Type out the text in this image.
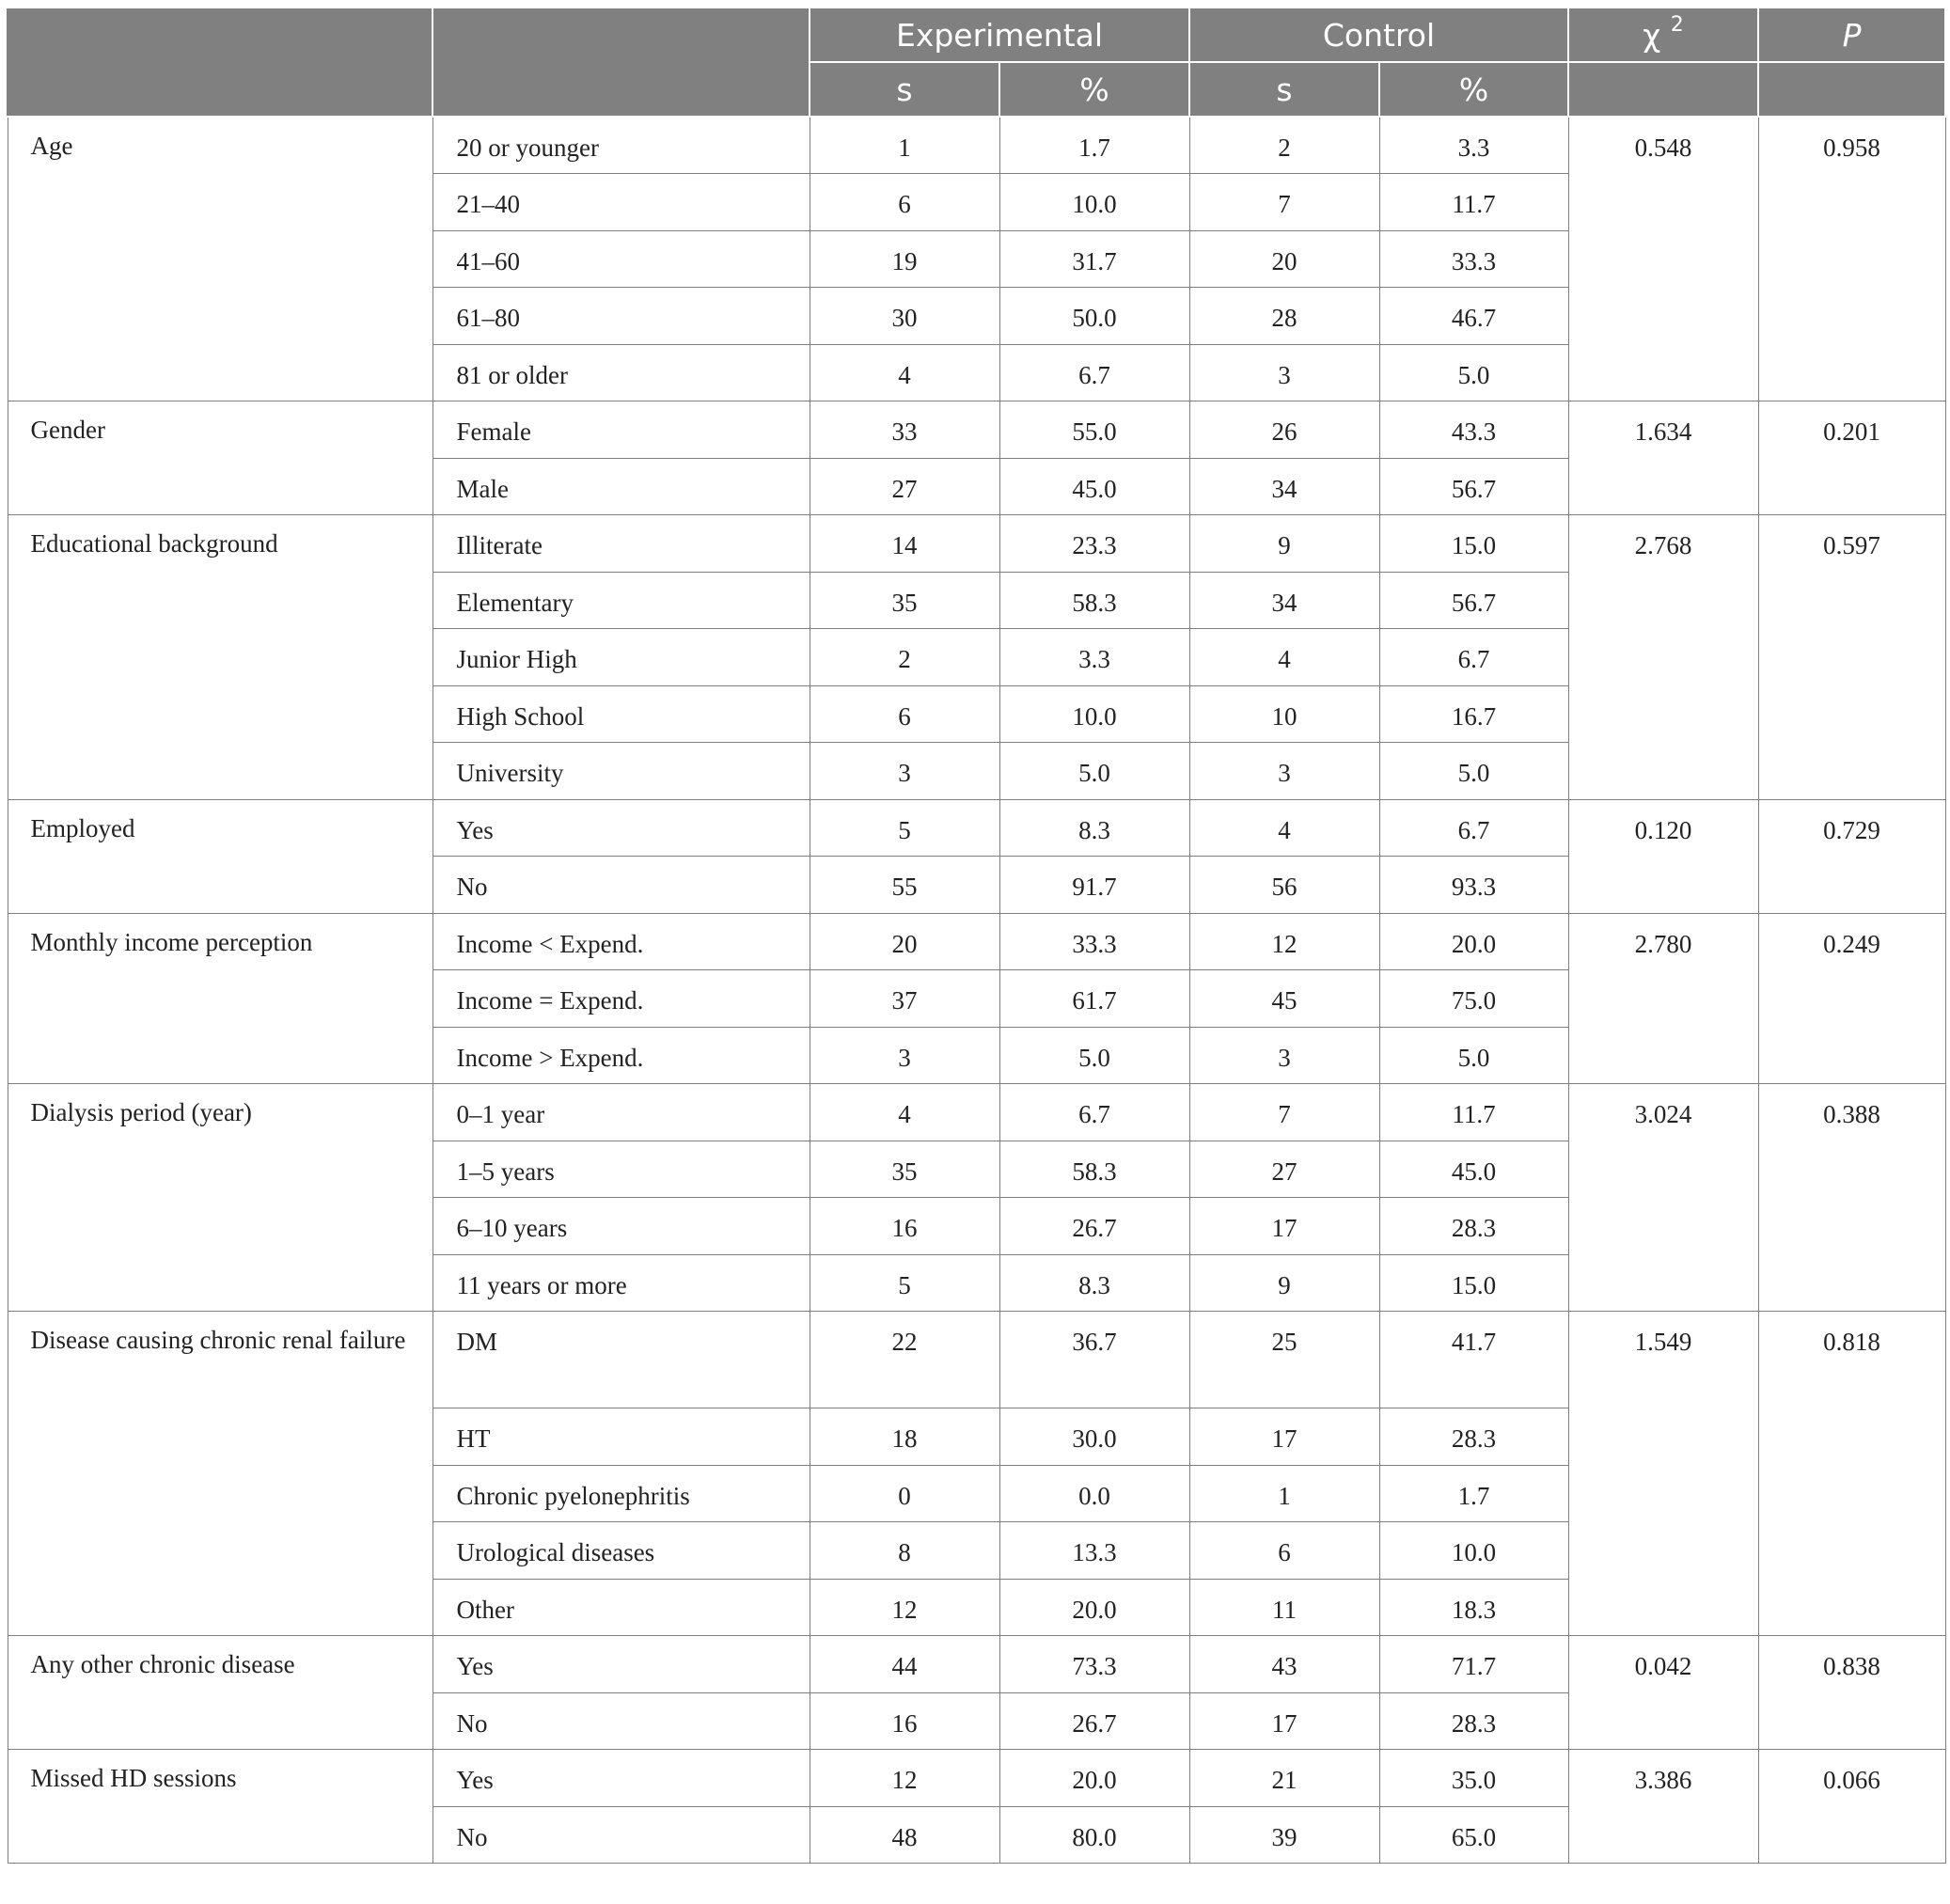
		Experimental		Control		χ $^2$	P
		s	%	s	%		
Age	20 or younger	1	1.7	2	3.3	0.548	0.958
	21–40	6	10.0	7	11.7		
	41–60	19	31.7	20	33.3		
	61–80	30	50.0	28	46.7		
	81 or older	4	6.7	3	5.0		
Gender	Female	33	55.0	26	43.3	1.634	0.201
	Male	27	45.0	34	56.7		
Educational background	Illiterate	14	23.3	9	15.0	2.768	0.597
	Elementary	35	58.3	34	56.7		
	Junior High	2	3.3	4	6.7		
	High School	6	10.0	10	16.7		
	University	3	5.0	3	5.0		
Employed	Yes	5	8.3	4	6.7	0.120	0.729
	No	55	91.7	56	93.3		
Monthly income perception	Income < Expend.	20	33.3	12	20.0	2.780	0.249
	Income = Expend.	37	61.7	45	75.0		
	Income > Expend.	3	5.0	3	5.0		
Dialysis period (year)	0–1 year	4	6.7	7	11.7	3.024	0.388
	1–5 years	35	58.3	27	45.0		
	6–10 years	16	26.7	17	28.3		
	11 years or more	5	8.3	9	15.0		
Disease causing chronic renal failure	DM	22	36.7	25	41.7	1.549	0.818
	HT	18	30.0	17	28.3		
	Chronic pyelonephritis	0	0.0	1	1.7		
	Urological diseases	8	13.3	6	10.0		
	Other	12	20.0	11	18.3		
Any other chronic disease	Yes	44	73.3	43	71.7	0.042	0.838
	No	16	26.7	17	28.3		
Missed HD sessions	Yes	12	20.0	21	35.0	3.386	0.066
	No	48	80.0	39	65.0		
